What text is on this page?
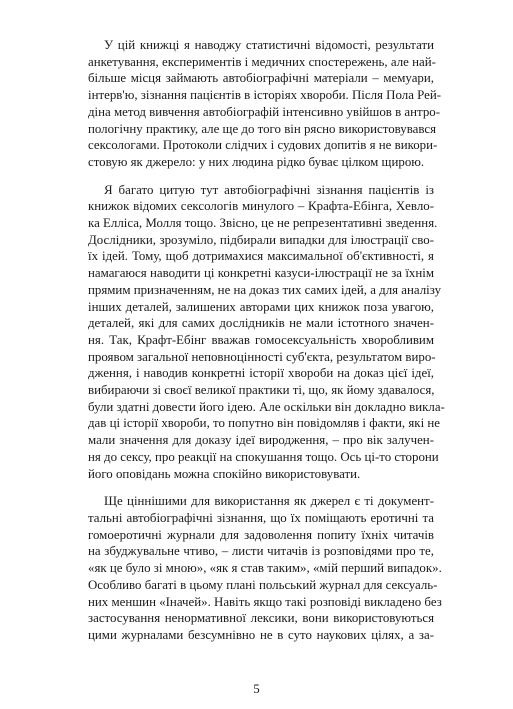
У цій книжці я наводжу статистичні відомості, результати
анкетування, експериментів і медичних спостережень, але най-
більше місця займають автобіографічні матеріали – мемуари,
інтерв'ю, зізнання пацієнтів в історіях хвороби. Після Пола Рей-
діна метод вивчення автобіографій інтенсивно увійшов в антро-
пологічну практику, але ще до того він рясно використовувався
сексологами. Протоколи слідчих і судових допитів я не викори-
стовую як джерело: у них людина рідко буває цілком щирою.

Я багато цитую тут автобіографічні зізнання пацієнтів із
книжок відомих сексологів минулого – Крафта-Ебінга, Хевло-
ка Елліса, Молля тощо. Звісно, це не репрезентативні зведення.
Дослідники, зрозуміло, підбирали випадки для ілюстрації сво-
їх ідей. Тому, щоб дотримахися максимальної об'єктивності, я
намагаюся наводити ці конкретні казуси-ілюстрації не за їхнім
прямим призначенням, не на доказ тих самих ідей, а для аналізу
інших деталей, залишених авторами цих книжок поза увагою,
деталей, які для самих дослідників не мали істотного значен-
ня. Так, Крафт-Ебінг вважав гомосексуальність хворобливим
проявом загальної неповноцінності суб'єкта, результатом виро-
дження, і наводив конкретні історії хвороби на доказ цієї ідеї,
вибираючи зі своєї великої практики ті, що, як йому здавалося,
були здатні довести його ідею. Але оскільки він докладно виклa-
дав ці історії хвороби, то попутно він повідомляв і факти, які не
мали значення для доказу ідеї виродження, – про вік залучен-
ня до сексу, про реакції на спокушання тощо. Ось ці-то сторони
його оповідань можна спокійно використовувати.

Ще ціннішими для використання як джерел є ті документ-
тальні автобіографічні зізнання, що їх поміщають еротичні та
гомоеротичні журнали для задоволення попиту їхніх читачів
на збуджувальне чтиво, – листи читачів із розповідями про те,
«як це було зі мною», «як я став таким», «мій перший випадок».
Особливо багаті в цьому плані польський журнал для сексуаль-
них меншин «Іначей». Навіть якщо такі розповіді викладено без
застосування ненормативної лексики, вони використовуються
цими журналами безсумнівно не в суто наукових цілях, а за-

5
